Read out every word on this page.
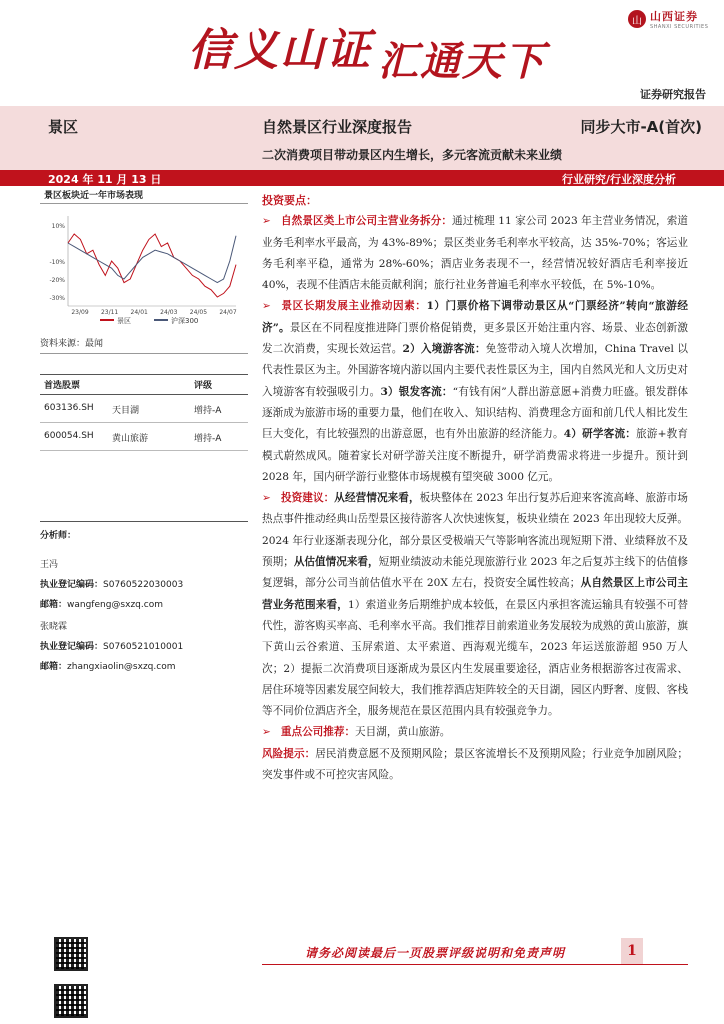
信义山证 汇通天下
山 山西证券
SHANXI SECURITIES
证券研究报告
景区	自然景区行业深度报告	同步大市-A(首次)
二次消费项目带动景区内生增长，多元客流贡献未来业绩
2024 年 11 月 13 日	行业研究/行业深度分析
景区板块近一年市场表现
10%
-10%
-20%
-30%
23/09 23/11 24/01 24/03 24/05 24/07
景区	沪深300
资料来源：最闻
首选股票	评级
603136.SH	天目湖	增持-A
600054.SH	黄山旅游	增持-A
分析师：
王冯
执业登记编码：S0760522030003
邮箱：wangfeng@sxzq.com
张晓霖
执业登记编码：S0760521010001
邮箱：zhangxiaolin@sxzq.com
投资要点：

➢ 自然景区类上市公司主营业务拆分：通过梳理 11 家公司 2023 年主营业务情况，索道业务毛利率水平最高，为 43%-89%；景区类业务毛利率水平较高，达 35%-70%；客运业务毛利率平稳，通常为 28%-60%；酒店业务表现不一，经营情况较好酒店毛利率接近 40%，表现不佳酒店未能贡献利润；旅行社业务普遍毛利率水平较低，在 5%-10%。

➢ 景区长期发展主业推动因素：1）门票价格下调带动景区从“门票经济”转向“旅游经济”。景区在不同程度推进降门票价格促销费，更多景区开始注重内容、场景、业态创新激发二次消费，实现长效运营。2）入境游客流：免签带动入境人次增加，China Travel 以代表性景区为主。外国游客境内游以国内主要代表性景区为主，国内自然风光和人文历史对入境游客有较强吸引力。3）银发客流：“有钱有闲”人群出游意愿+消费力旺盛。银发群体逐渐成为旅游市场的重要力量，他们在收入、知识结构、消费理念方面和前几代人相比发生巨大变化，有比较强烈的出游意愿，也有外出旅游的经济能力。4）研学客流：旅游+教育模式蔚然成风。随着家长对研学游关注度不断提升，研学消费需求将进一步提升。预计到 2028 年，国内研学游行业整体市场规模有望突破 3000 亿元。

➢ 投资建议：从经营情况来看，板块整体在 2023 年出行复苏后迎来客流高峰、旅游市场热点事件推动经典山岳型景区接待游客人次快速恢复，板块业绩在 2023 年出现较大反弹。2024 年行业逐渐表现分化，部分景区受极端天气等影响客流出现短期下滑、业绩释放不及预期；从估值情况来看，短期业绩波动未能兑现旅游行业 2023 年之后复苏主线下的估值修复逻辑，部分公司当前估值水平在 20X 左右，投资安全属性较高；从自然景区上市公司主营业务范围来看，1）索道业务后期维护成本较低，在景区内承担客流运输具有较强不可替代性，游客购买率高、毛利率水平高。我们推荐目前索道业务发展较为成熟的黄山旅游，旗下黄山云谷索道、玉屏索道、太平索道、西海观光缆车，2023 年运送旅游超 950 万人次；2）提振二次消费项目逐渐成为景区内生发展重要途径，酒店业务根据游客过夜需求、居住环境等因素发展空间较大，我们推荐酒店矩阵较全的天目湖，园区内野奢、度假、客栈等不同价位酒店齐全，服务规范在景区范围内具有较强竞争力。

➢ 重点公司推荐：天目湖，黄山旅游。

风险提示：居民消费意愿不及预期风险；景区客流增长不及预期风险；行业竞争加剧风险；突发事件或不可控灾害风险。

请务必阅读最后一页股票评级说明和免责声明	1
